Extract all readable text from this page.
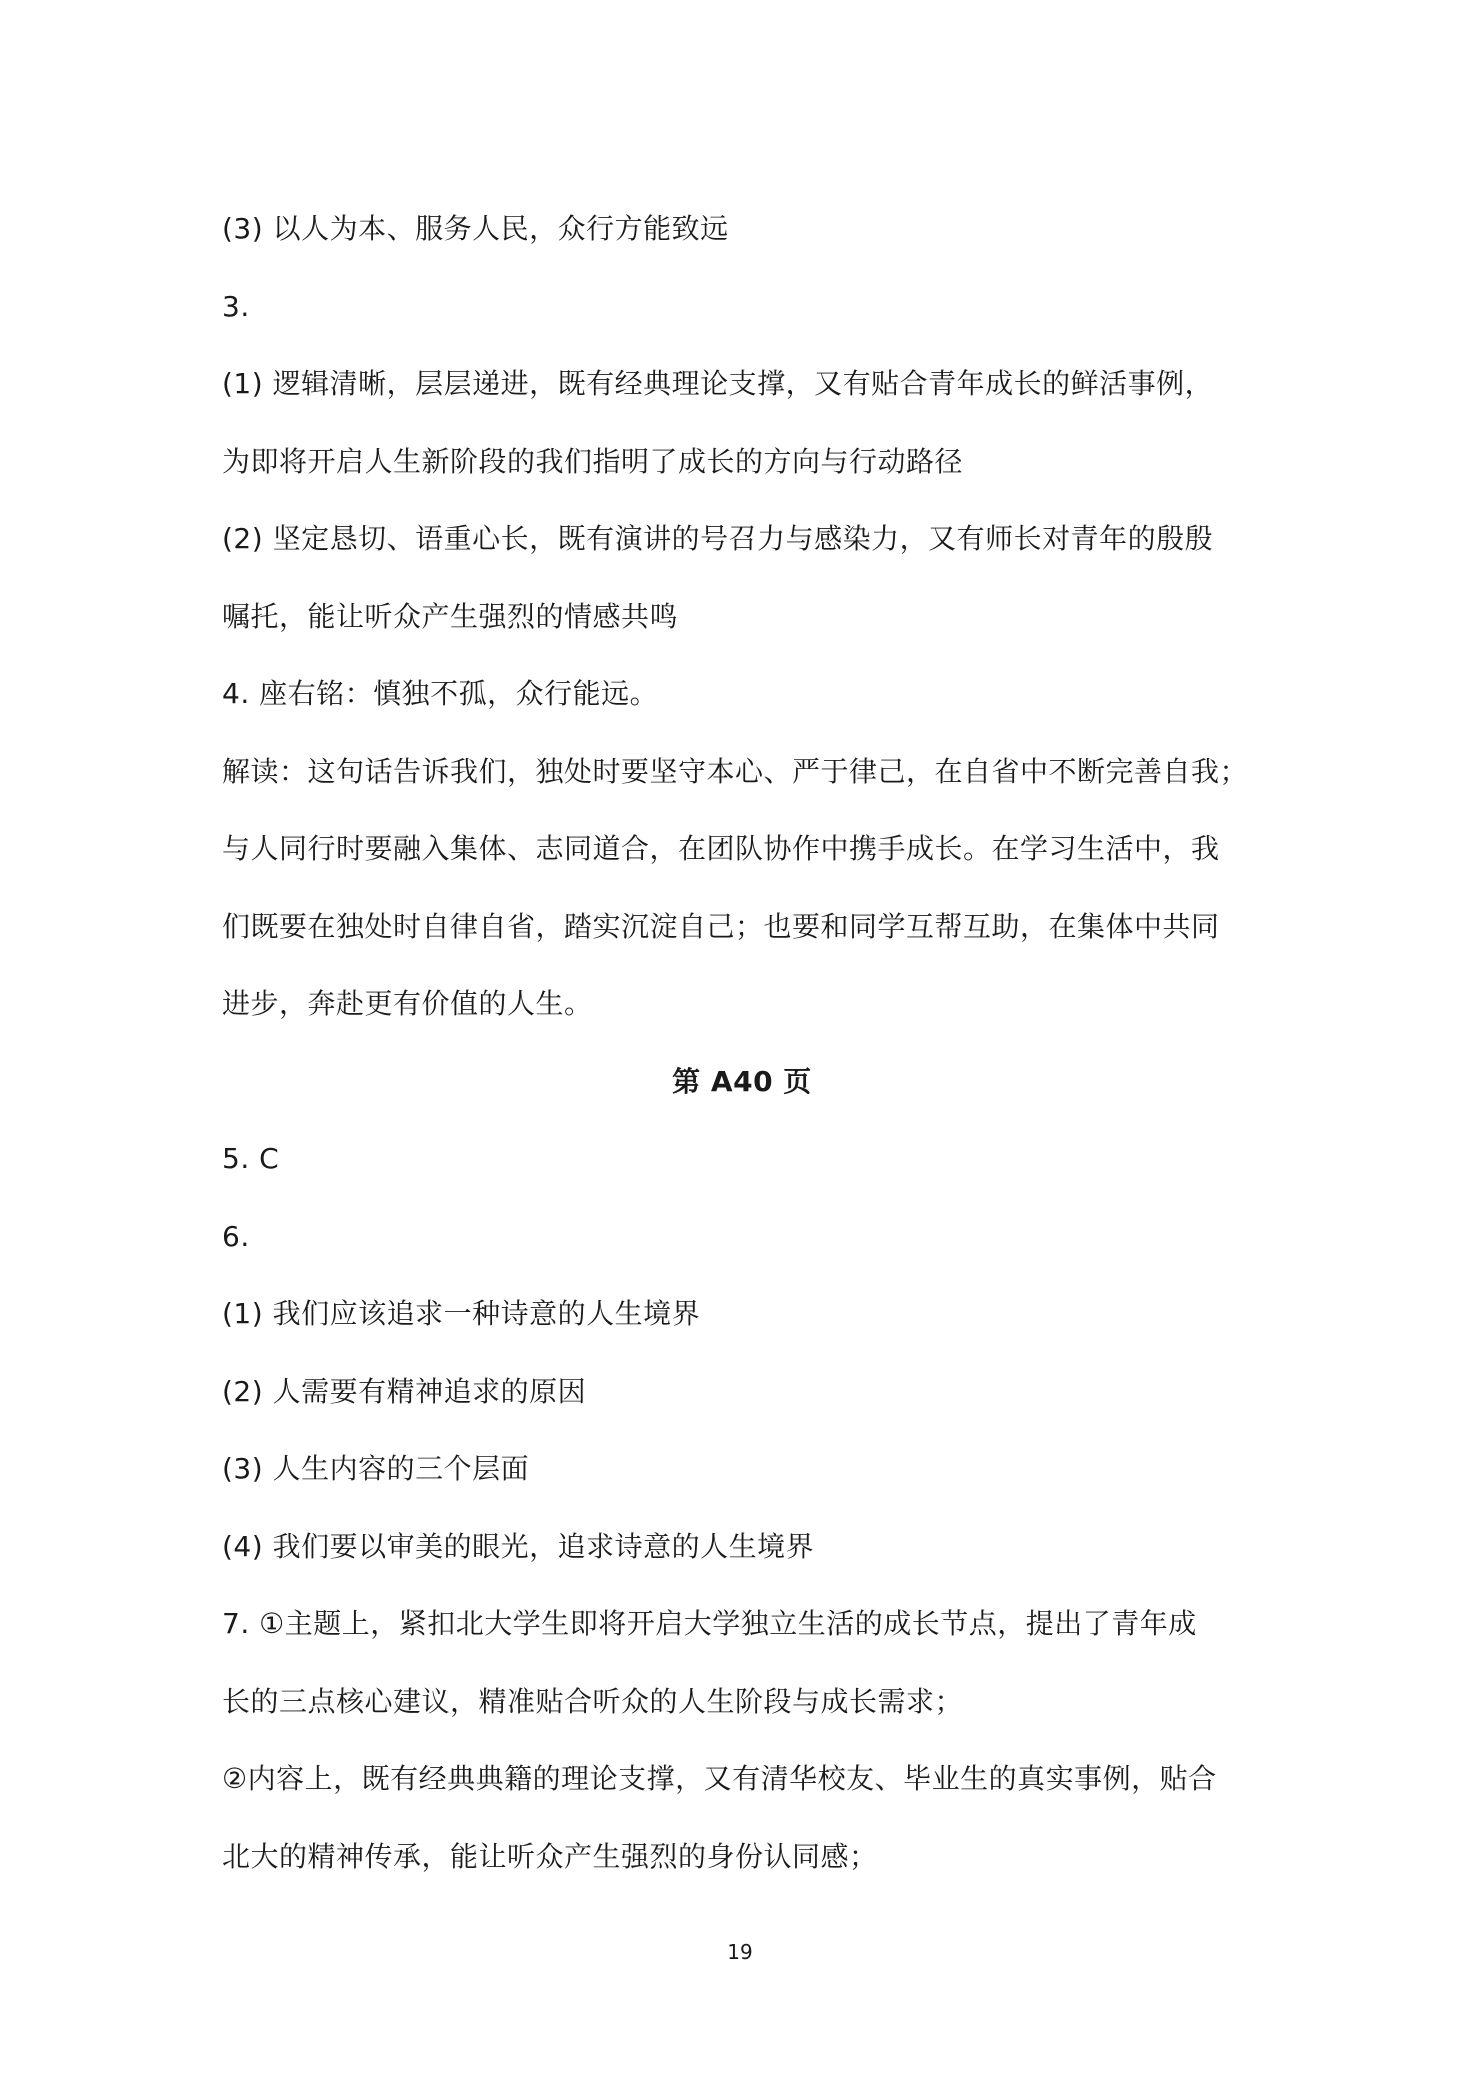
(3) 以人为本、服务人民，众行方能致远
3.
(1) 逻辑清晰，层层递进，既有经典理论支撑，又有贴合青年成长的鲜活事例，
为即将开启人生新阶段的我们指明了成长的方向与行动路径
(2) 坚定恳切、语重心长，既有演讲的号召力与感染力，又有师长对青年的殷殷
嘱托，能让听众产生强烈的情感共鸣
4. 座右铭：慎独不孤，众行能远。
解读：这句话告诉我们，独处时要坚守本心、严于律己，在自省中不断完善自我；
与人同行时要融入集体、志同道合，在团队协作中携手成长。在学习生活中，我
们既要在独处时自律自省，踏实沉淀自己；也要和同学互帮互助，在集体中共同
进步，奔赴更有价值的人生。
第 A40 页
5. C
6.
(1) 我们应该追求一种诗意的人生境界
(2) 人需要有精神追求的原因
(3) 人生内容的三个层面
(4) 我们要以审美的眼光，追求诗意的人生境界
7. ①主题上，紧扣北大学生即将开启大学独立生活的成长节点，提出了青年成
长的三点核心建议，精准贴合听众的人生阶段与成长需求；
②内容上，既有经典典籍的理论支撑，又有清华校友、毕业生的真实事例，贴合
北大的精神传承，能让听众产生强烈的身份认同感；
19
